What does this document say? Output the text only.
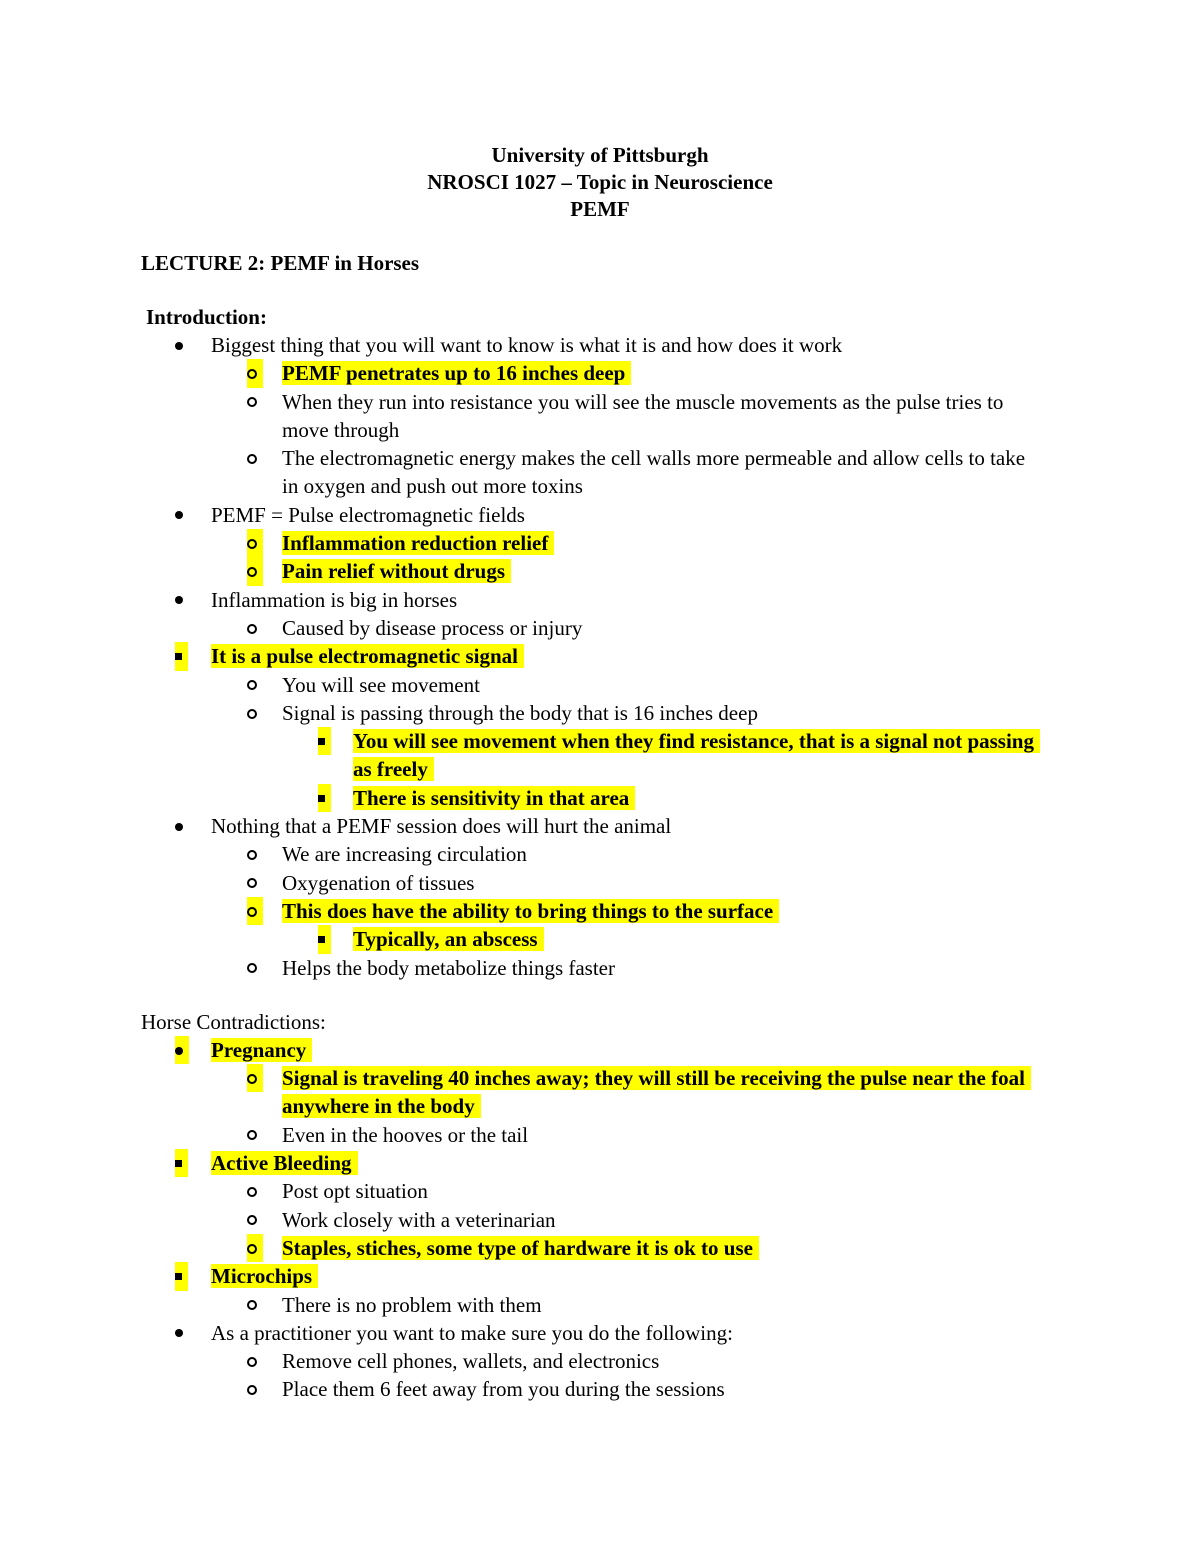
University of Pittsburgh
NROSCI 1027 – Topic in Neuroscience
PEMF
LECTURE 2: PEMF in Horses
Introduction:
Biggest thing that you will want to know is what it is and how does it work
PEMF penetrates up to 16 inches deep
When they run into resistance you will see the muscle movements as the pulse tries to move through
The electromagnetic energy makes the cell walls more permeable and allow cells to take in oxygen and push out more toxins
PEMF = Pulse electromagnetic fields
Inflammation reduction relief
Pain relief without drugs
Inflammation is big in horses
Caused by disease process or injury
It is a pulse electromagnetic signal
You will see movement
Signal is passing through the body that is 16 inches deep
You will see movement when they find resistance, that is a signal not passing as freely
There is sensitivity in that area
Nothing that a PEMF session does will hurt the animal
We are increasing circulation
Oxygenation of tissues
This does have the ability to bring things to the surface
Typically, an abscess
Helps the body metabolize things faster
Horse Contradictions:
Pregnancy
Signal is traveling 40 inches away; they will still be receiving the pulse near the foal anywhere in the body
Even in the hooves or the tail
Active Bleeding
Post opt situation
Work closely with a veterinarian
Staples, stiches, some type of hardware it is ok to use
Microchips
There is no problem with them
As a practitioner you want to make sure you do the following:
Remove cell phones, wallets, and electronics
Place them 6 feet away from you during the sessions
